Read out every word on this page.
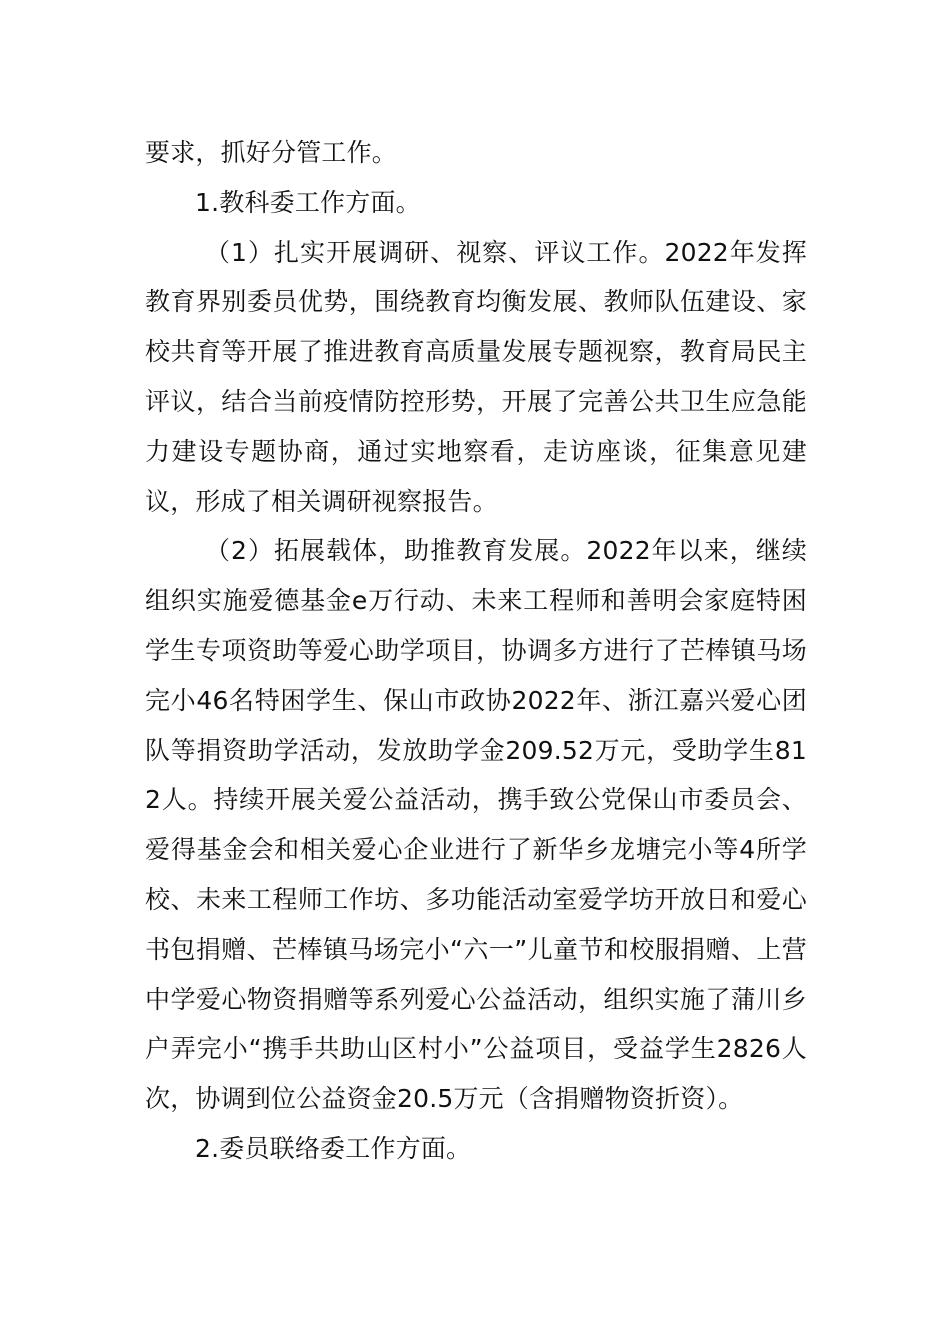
要求，抓好分管工作。

1.教科委工作方面。

（1）扎实开展调研、视察、评议工作。2022年发挥教育界别委员优势，围绕教育均衡发展、教师队伍建设、家校共育等开展了推进教育高质量发展专题视察，教育局民主评议，结合当前疫情防控形势，开展了完善公共卫生应急能力建设专题协商，通过实地察看，走访座谈，征集意见建议，形成了相关调研视察报告。

（2）拓展载体，助推教育发展。2022年以来，继续组织实施爱德基金e万行动、未来工程师和善明会家庭特困学生专项资助等爱心助学项目，协调多方进行了芒棒镇马场完小46名特困学生、保山市政协2022年、浙江嘉兴爱心团队等捐资助学活动，发放助学金209.52万元，受助学生812人。持续开展关爱公益活动，携手致公党保山市委员会、爱得基金会和相关爱心企业进行了新华乡龙塘完小等4所学校、未来工程师工作坊、多功能活动室爱学坊开放日和爱心书包捐赠、芒棒镇马场完小“六一”儿童节和校服捐赠、上营中学爱心物资捐赠等系列爱心公益活动，组织实施了蒲川乡户弄完小“携手共助山区村小”公益项目，受益学生2826人次，协调到位公益资金20.5万元（含捐赠物资折资）。

2.委员联络委工作方面。
